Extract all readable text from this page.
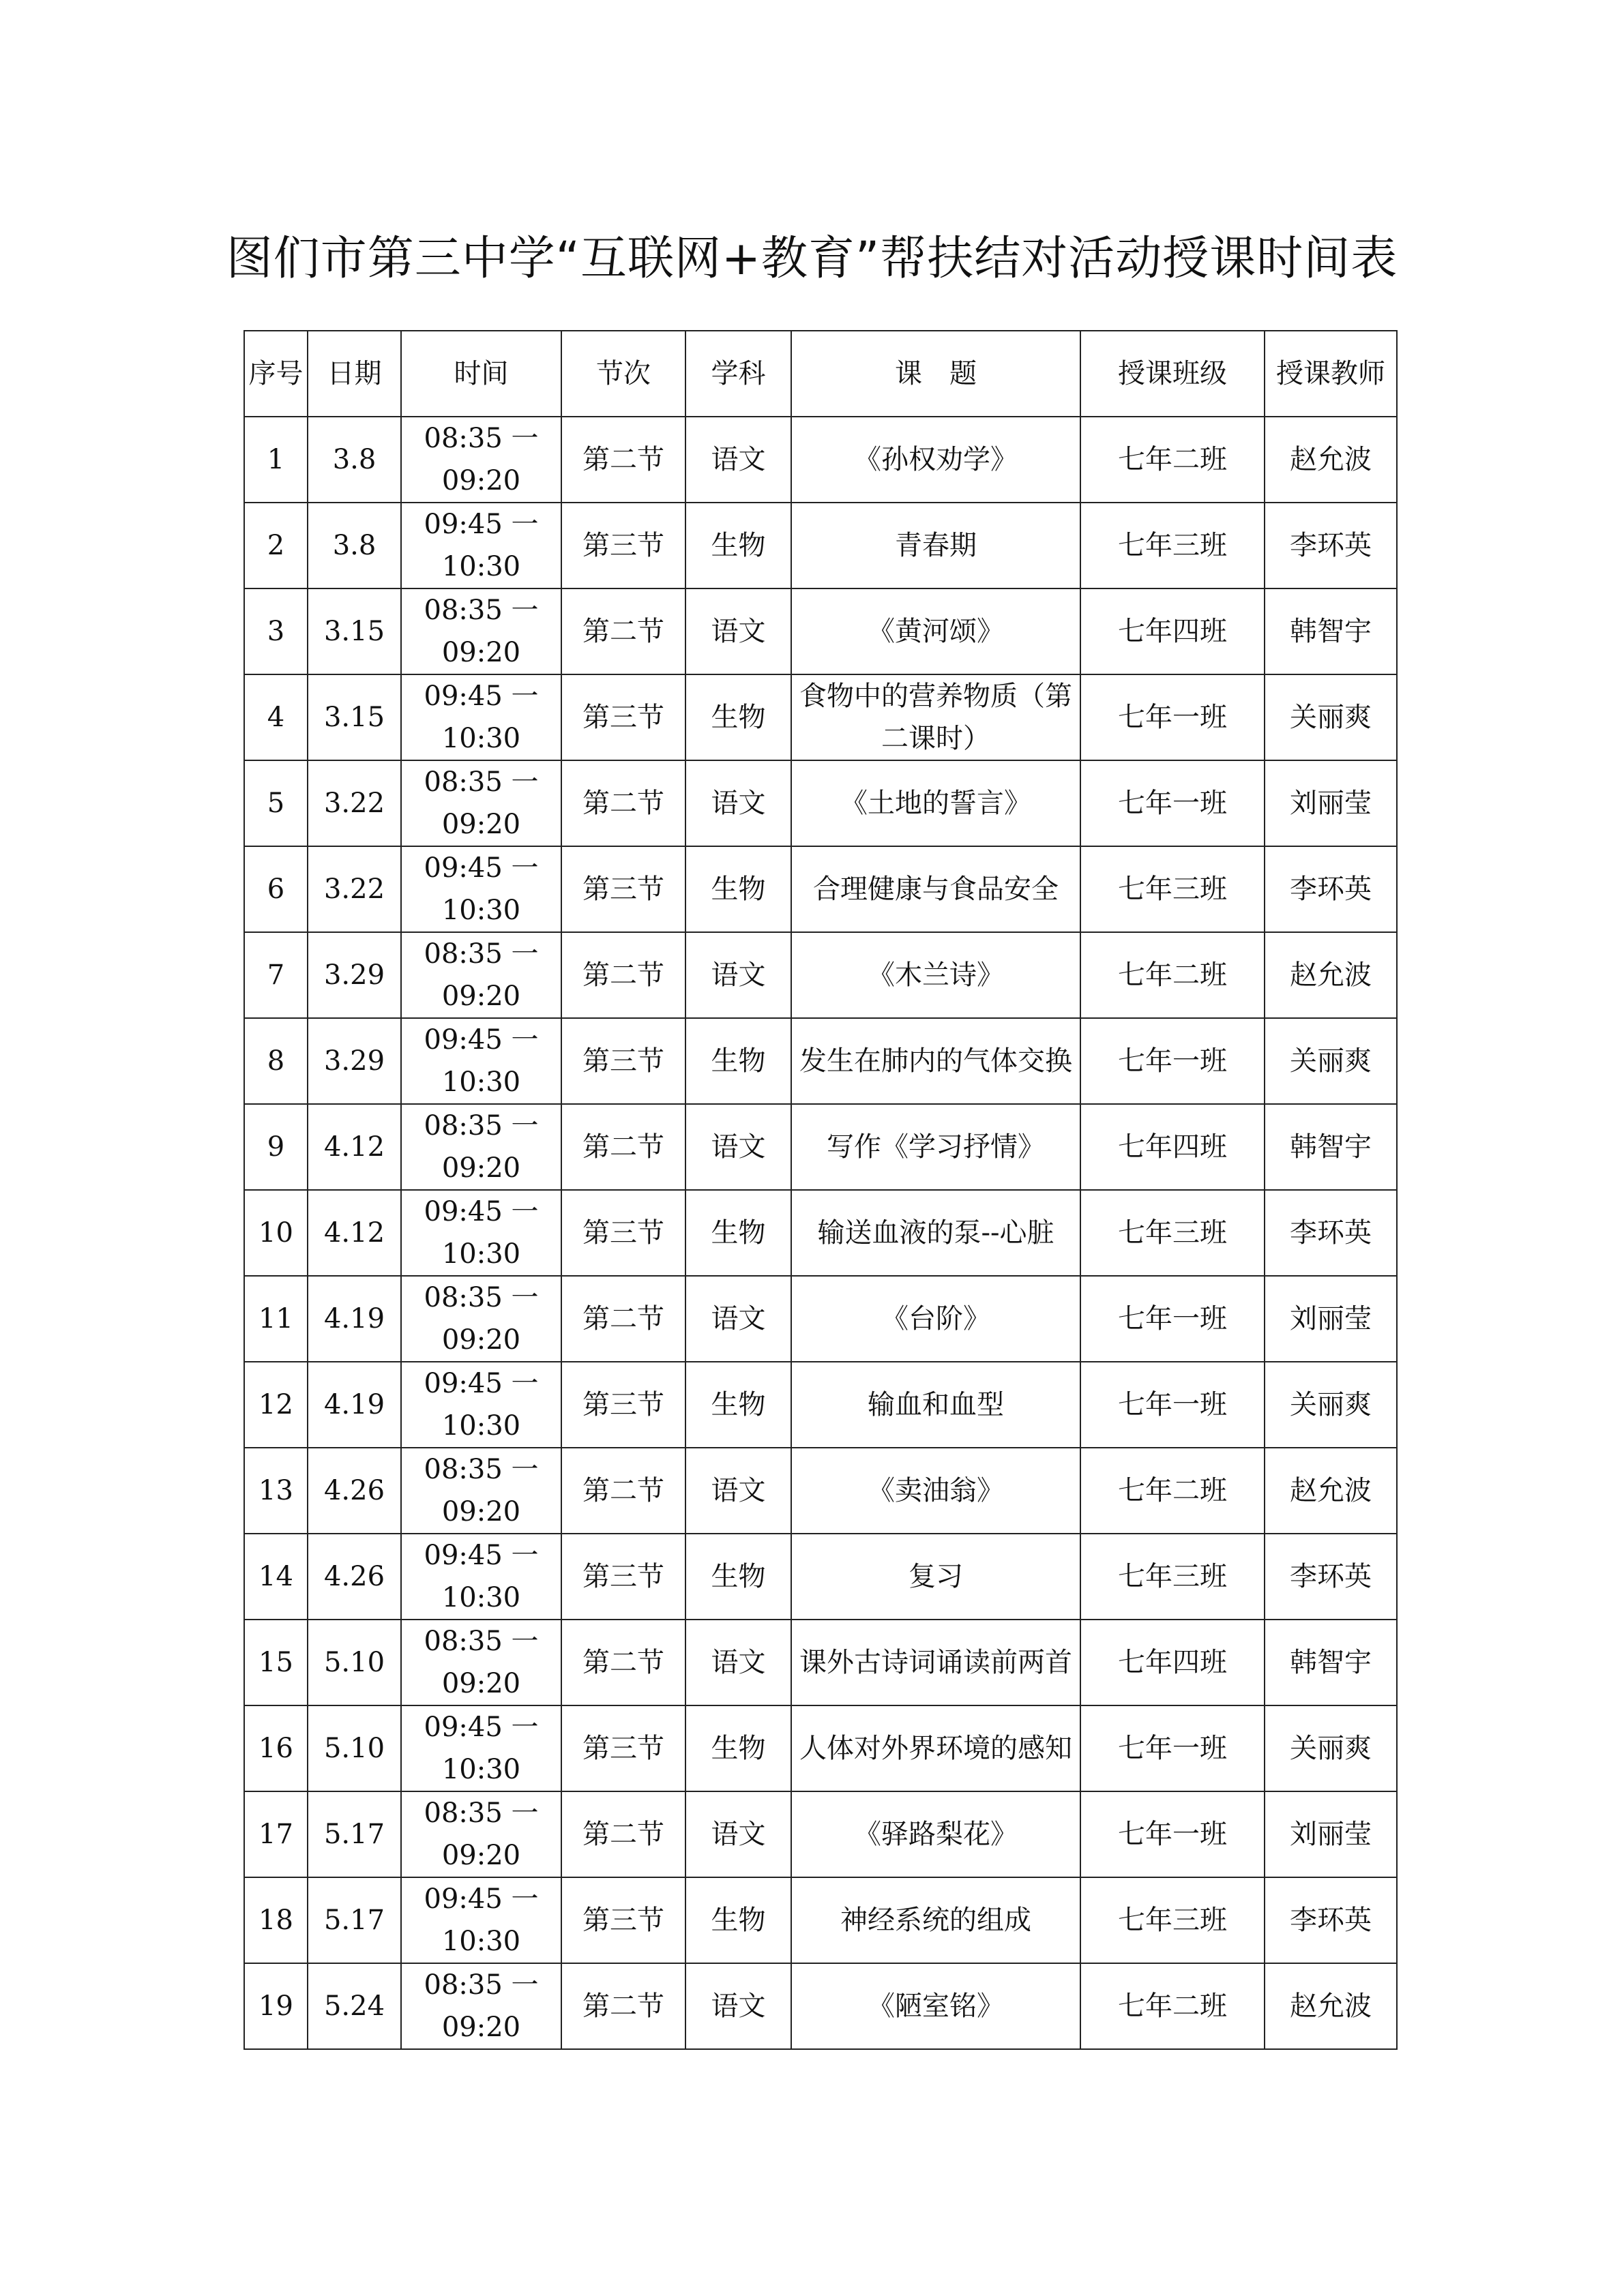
图们市第三中学“互联网+教育”帮扶结对活动授课时间表
序号	日期	时间	节次	学科	课　题	授课班级	授课教师
1	3.8	08:35 一
09:20	第二节	语文	《孙权劝学》	七年二班	赵允波
2	3.8	09:45 一
10:30	第三节	生物	青春期	七年三班	李环英
3	3.15	08:35 一
09:20	第二节	语文	《黄河颂》	七年四班	韩智宇
4	3.15	09:45 一
10:30	第三节	生物	食物中的营养物质（第二课时）	七年一班	关丽爽
5	3.22	08:35 一
09:20	第二节	语文	《土地的誓言》	七年一班	刘丽莹
6	3.22	09:45 一
10:30	第三节	生物	合理健康与食品安全	七年三班	李环英
7	3.29	08:35 一
09:20	第二节	语文	《木兰诗》	七年二班	赵允波
8	3.29	09:45 一
10:30	第三节	生物	发生在肺内的气体交换	七年一班	关丽爽
9	4.12	08:35 一
09:20	第二节	语文	写作《学习抒情》	七年四班	韩智宇
10	4.12	09:45 一
10:30	第三节	生物	输送血液的泵--心脏	七年三班	李环英
11	4.19	08:35 一
09:20	第二节	语文	《台阶》	七年一班	刘丽莹
12	4.19	09:45 一
10:30	第三节	生物	输血和血型	七年一班	关丽爽
13	4.26	08:35 一
09:20	第二节	语文	《卖油翁》	七年二班	赵允波
14	4.26	09:45 一
10:30	第三节	生物	复习	七年三班	李环英
15	5.10	08:35 一
09:20	第二节	语文	课外古诗词诵读前两首	七年四班	韩智宇
16	5.10	09:45 一
10:30	第三节	生物	人体对外界环境的感知	七年一班	关丽爽
17	5.17	08:35 一
09:20	第二节	语文	《驿路梨花》	七年一班	刘丽莹
18	5.17	09:45 一
10:30	第三节	生物	神经系统的组成	七年三班	李环英
19	5.24	08:35 一
09:20	第二节	语文	《陋室铭》	七年二班	赵允波
